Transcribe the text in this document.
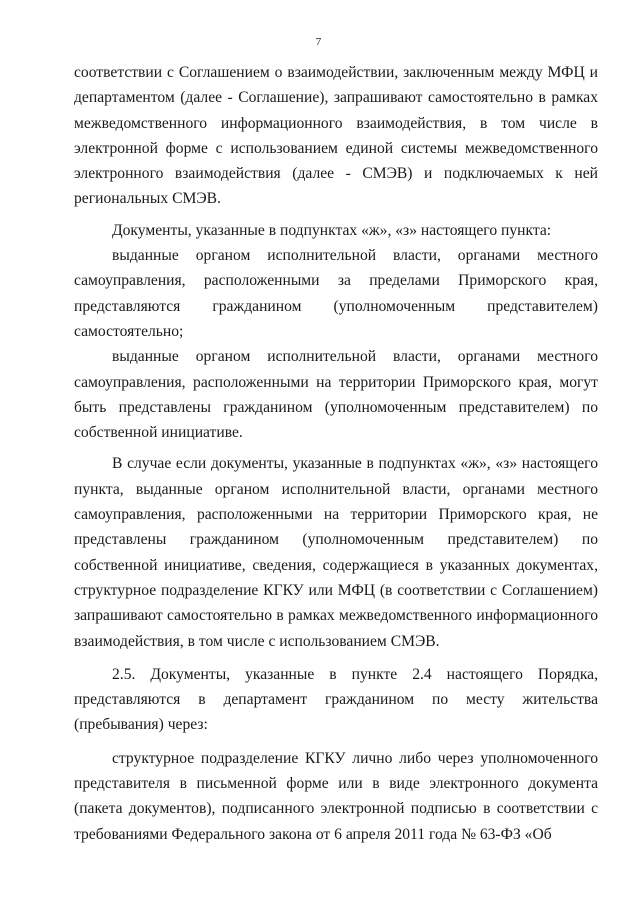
7

соответствии с Соглашением о взаимодействии, заключенным между МФЦ и департаментом (далее - Соглашение), запрашивают самостоятельно в рамках межведомственного информационного взаимодействия, в том числе в электронной форме с использованием единой системы межведомственного электронного взаимодействия (далее - СМЭВ) и подключаемых к ней региональных СМЭВ.

Документы, указанные в подпунктах «ж», «з» настоящего пункта:

выданные органом исполнительной власти, органами местного самоуправления, расположенными за пределами Приморского края, представляются гражданином (уполномоченным представителем) самостоятельно;

выданные органом исполнительной власти, органами местного самоуправления, расположенными на территории Приморского края, могут быть представлены гражданином (уполномоченным представителем) по собственной инициативе.

В случае если документы, указанные в подпунктах «ж», «з» настоящего пункта, выданные органом исполнительной власти, органами местного самоуправления, расположенными на территории Приморского края, не представлены гражданином (уполномоченным представителем) по собственной инициативе, сведения, содержащиеся в указанных документах, структурное подразделение КГКУ или МФЦ (в соответствии с Соглашением) запрашивают самостоятельно в рамках межведомственного информационного взаимодействия, в том числе с использованием СМЭВ.

2.5. Документы, указанные в пункте 2.4 настоящего Порядка, представляются в департамент гражданином по месту жительства (пребывания) через:

структурное подразделение КГКУ лично либо через уполномоченного представителя в письменной форме или в виде электронного документа (пакета документов), подписанного электронной подписью в соответствии с требованиями Федерального закона от 6 апреля 2011 года № 63-ФЗ «Об
